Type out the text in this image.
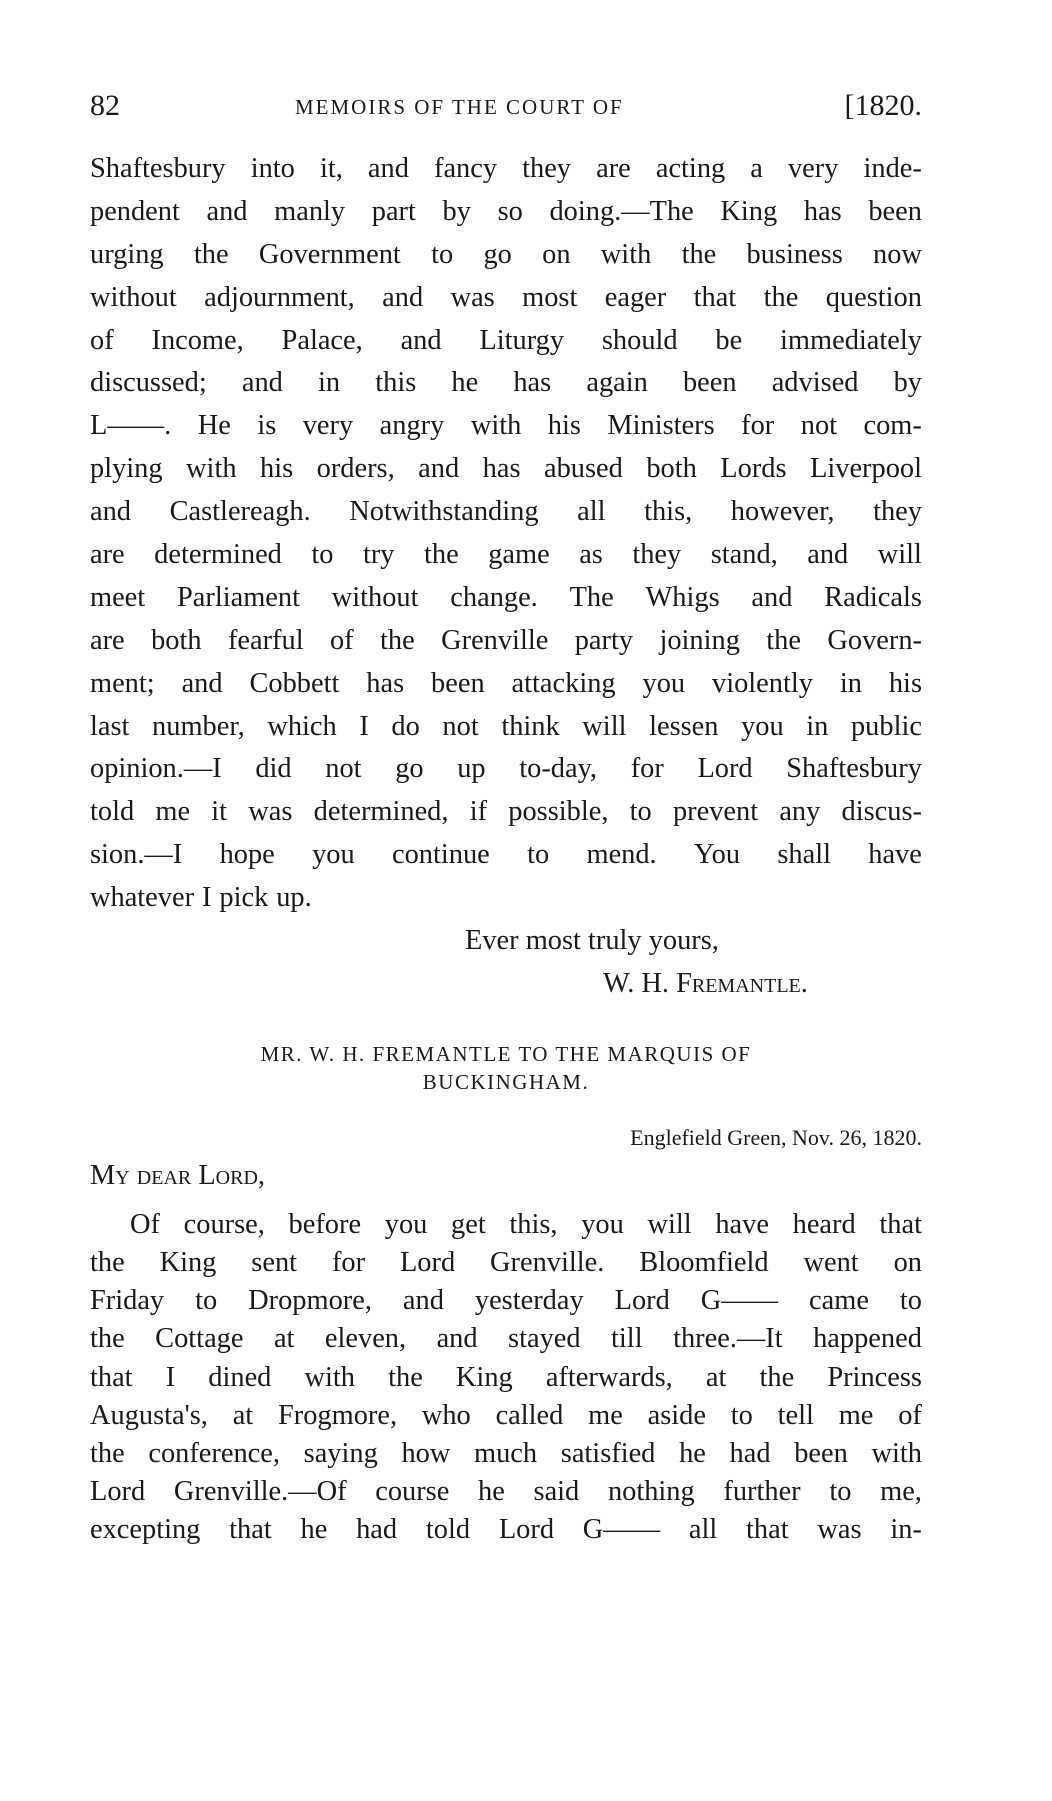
82	MEMOIRS OF THE COURT OF	[1820.
Shaftesbury into it, and fancy they are acting a very inde-
pendent and manly part by so doing.—The King has been
urging the Government to go on with the business now
without adjournment, and was most eager that the question
of Income, Palace, and Liturgy should be immediately
discussed; and in this he has again been advised by
L——. He is very angry with his Ministers for not com-
plying with his orders, and has abused both Lords Liverpool
and Castlereagh. Notwithstanding all this, however, they
are determined to try the game as they stand, and will
meet Parliament without change. The Whigs and Radicals
are both fearful of the Grenville party joining the Govern-
ment; and Cobbett has been attacking you violently in his
last number, which I do not think will lessen you in public
opinion.—I did not go up to-day, for Lord Shaftesbury
told me it was determined, if possible, to prevent any discus-
sion.—I hope you continue to mend. You shall have
whatever I pick up.
Ever most truly yours,
W. H. Fremantle.
MR. W. H. FREMANTLE TO THE MARQUIS OF
BUCKINGHAM.
Englefield Green, Nov. 26, 1820.
My dear Lord,
Of course, before you get this, you will have heard that
the King sent for Lord Grenville. Bloomfield went on
Friday to Dropmore, and yesterday Lord G—— came to
the Cottage at eleven, and stayed till three.—It happened
that I dined with the King afterwards, at the Princess
Augusta's, at Frogmore, who called me aside to tell me of
the conference, saying how much satisfied he had been with
Lord Grenville.—Of course he said nothing further to me,
excepting that he had told Lord G—— all that was in-
